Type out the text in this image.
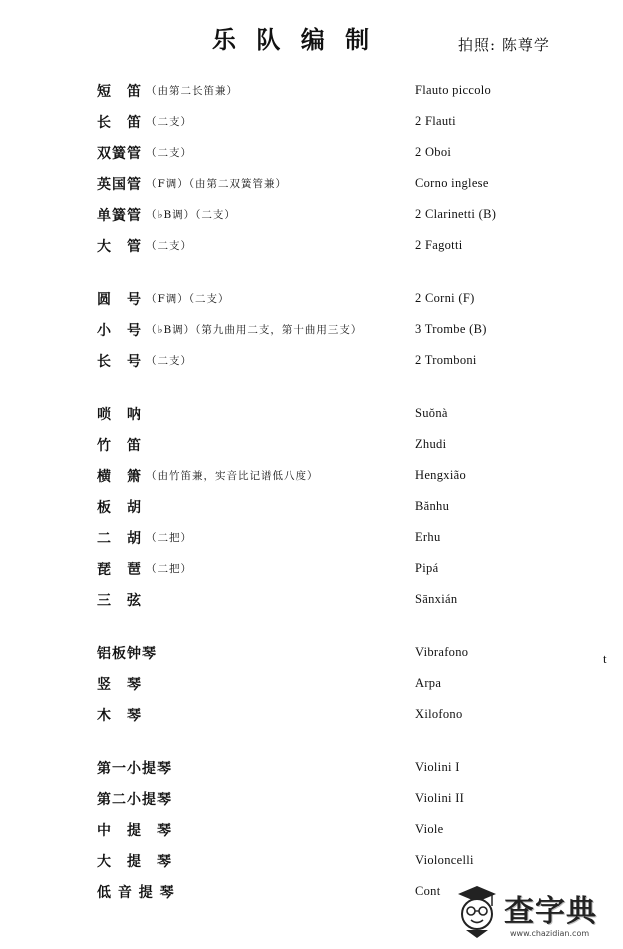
乐 队 编 制	拍照: 陈尊学
短　笛 （由第二长笛兼）	Flauto piccolo
长　笛 （二支）	2 Flauti
双簧管 （二支）	2 Oboi
英国管 （F调）（由第二双簧管兼）	Corno inglese
单簧管 （♭B调）（二支）	2 Clarinetti (B)
大　管 （二支）	2 Fagotti
圆　号 （F调）（二支）	2 Corni (F)
小　号 （♭B调）（第九曲用二支，第十曲用三支）	3 Trombe (B)
长　号 （二支）	2 Tromboni
唢　呐	Suŏnà
竹　笛	Zhudi
横　箫 （由竹笛兼，实音比记谱低八度）	Hengxião
板　胡	Bănhu
二　胡 （二把）	Erhu
琵　琶 （二把）	Pipá
三　弦	Sānxián
铝板钟琴	Vibrafono
竖　琴	Arpa
木　琴	Xilofono
第一小提琴	Violini I
第二小提琴	Violini II
中　提　琴	Viole
大　提　琴	Violoncelli
低 音 提 琴	Cont
t
查字典
www.chazidian.com
